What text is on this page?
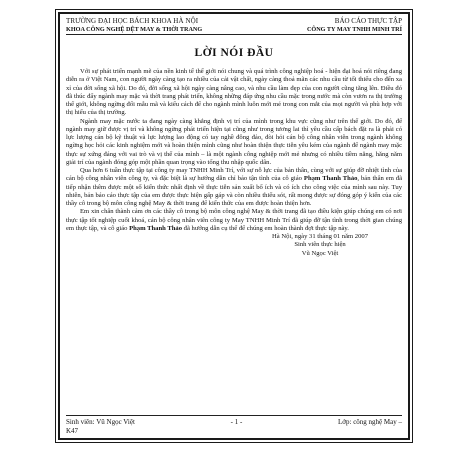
TRƯỜNG ĐẠI HỌC BÁCH KHOA HÀ NỘI
KHOA CÔNG NGHỆ DỆT MAY & THỜI TRANG
BÁO CÁO THỰC TẬP
CÔNG TY MAY TNHH MINH TRÍ
LỜI NÓI ĐẦU

Với sự phát triển mạnh mẽ của nền kinh tế thế giới nói chung và quá trình công nghiệp hoá - hiện đại hoá nói riêng đang diễn ra ở Việt Nam, con người ngày càng tạo ra nhiều của cải vật chất, ngày càng thoả mãn các nhu cầu từ tối thiểu cho đến xa xỉ của đời sống xã hội. Do đó, đời sống xã hội ngày càng nâng cao, và nhu cầu làm đẹp của con người cũng tăng lên. Điều đó đã thúc đẩy ngành may mặc và thời trang phát triển, không những đáp ứng nhu cầu mặc trong nước mà còn vươn ra thị trường thế giới, không ngừng đổi mẫu mã và kiểu cách để cho ngành mình luôn mới mẻ trong con mắt của mọi người và phù hợp với thị hiếu của thị trường.

Ngành may mặc nước ta đang ngày càng khẳng định vị trí của mình trong khu vực cũng như trên thế giới. Do đó, để ngành may giữ được vị trí và không ngừng phát triển hiện tại cũng như trong tương lai thì yêu cầu cấp bách đặt ra là phải có lực lượng cán bộ kỹ thuật và lực lượng lao động có tay nghề đông đảo, đòi hỏi cán bộ công nhân viên trong ngành không ngừng học hỏi các kinh nghiệm mới và hoàn thiện mình cũng như hoàn thiện thực tiễn yêu kém của ngành để ngành may mặc thực sự xứng đáng với vai trò và vị thế của mình – là một ngành công nghiệp mới mẻ nhưng có nhiều tiềm năng, hăng năm giải trí của ngành đóng góp một phần quan trọng vào tổng thu nhập quốc dân.

Qua hơn 6 tuần thực tập tại công ty may TNHH Minh Trí, với sự nỗ lực của bản thân, cùng với sự giúp đỡ nhiệt tình của cán bộ công nhân viên công ty, và đặc biệt là sự hướng dẫn chỉ bảo tận tình của cô giáo Phạm Thanh Thảo, bản thân em đã tiếp nhận thêm được một số kiến thức nhất định về thực tiễn sản xuất bổ ích và có ích cho công việc của mình sau này. Tuy nhiên, bản báo cáo thực tập của em được thực hiện gấp gáp và còn nhiều thiếu sót, rất mong được sự đóng góp ý kiến của các thầy cô trong bộ môn công nghệ May & thời trang để kiến thức của em được hoàn thiện hơn.

Em xin chân thành cảm ơn các thầy cô trong bộ môn công nghệ May & thời trang đã tạo điều kiện giúp chúng em có nơi thực tập tốt nghiệp cuối khoá, cán bộ công nhân viên công ty May TNHH Minh Trí đã giúp đỡ tận tình trong thời gian chúng em thực tập, và cô giáo Phạm Thanh Thảo đã hướng dẫn cụ thể để chúng em hoàn thành đợt thực tập này.

Hà Nội, ngày 31 tháng 01 năm 2007
Sinh viên thực hiện
Vũ Ngọc Việt
Sinh viên: Vũ Ngọc Việt
K47
- 1 -	Lớp: công nghệ May –
